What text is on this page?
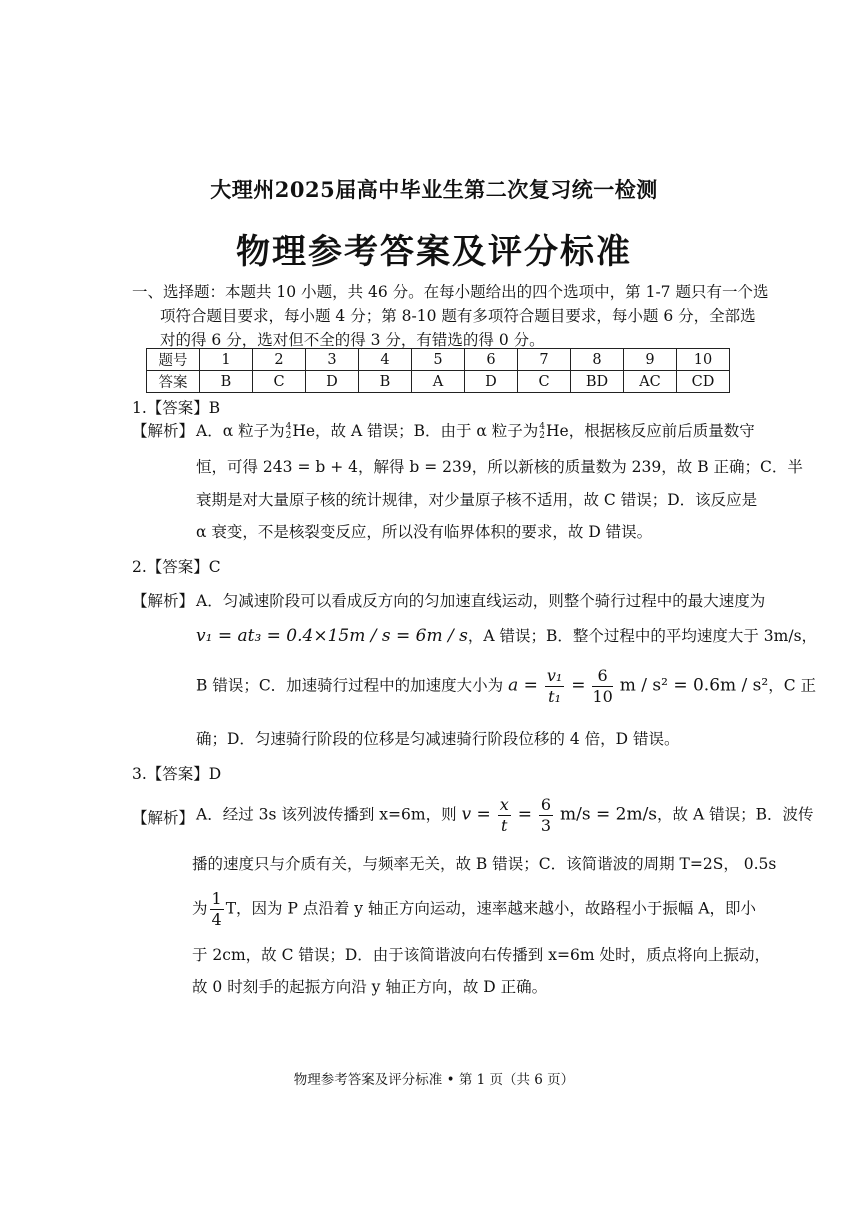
大理州2025届高中毕业生第二次复习统一检测
物理参考答案及评分标准
一、选择题：本题共 10 小题，共 46 分。在每小题给出的四个选项中，第 1-7 题只有一个选
项符合题目要求，每小题 4 分；第 8-10 题有多项符合题目要求，每小题 6 分，全部选
对的得 6 分，选对但不全的得 3 分，有错选的得 0 分。
题号	1	2	3	4	5	6	7	8	9	10
答案	B	C	D	B	A	D	C	BD	AC	CD
1.【答案】B
【解析】 A．α 粒子为4
2He，故 A 错误；B．由于 α 粒子为4
2He，根据核反应前后质量数守
恒，可得 243 = b + 4，解得 b = 239，所以新核的质量数为 239，故 B 正确；C．半
衰期是对大量原子核的统计规律，对少量原子核不适用，故 C 错误；D．该反应是
α 衰变，不是核裂变反应，所以没有临界体积的要求，故 D 错误。
2.【答案】C
【解析】 A．匀减速阶段可以看成反方向的匀加速直线运动，则整个骑行过程中的最大速度为
v₁ = at₃ = 0.4×15m / s = 6m / s，A 错误；B．整个过程中的平均速度大于 3m/s，
B 错误；C．加速骑行过程中的加速度大小为 $a = \frac{\text{v₁}}{\text{t₁}} = \frac{6}{10}$ m / s² = 0.6m / s²，C 正
确；D．匀速骑行阶段的位移是匀减速骑行阶段位移的 4 倍，D 错误。
3.【答案】D
【解析】 A．经过 3s 该列波传播到 x=6m，则 $v = \frac{x}{t} = \frac{6}{3} m/s = 2m/s$，故 A 错误；B．波传
播的速度只与介质有关，与频率无关，故 B 错误；C．该简谐波的周期 T=2S， 0.5s
为 $\frac{1}{4}$ T，因为 P 点沿着 y 轴正方向运动，速率越来越小，故路程小于振幅 A，即小
于 2cm，故 C 错误；D．由于该简谐波向右传播到 x=6m 处时，质点将向上振动，
故 0 时刻手的起振方向沿 y 轴正方向，故 D 正确。
物理参考答案及评分标准 • 第 1 页（共 6 页）
